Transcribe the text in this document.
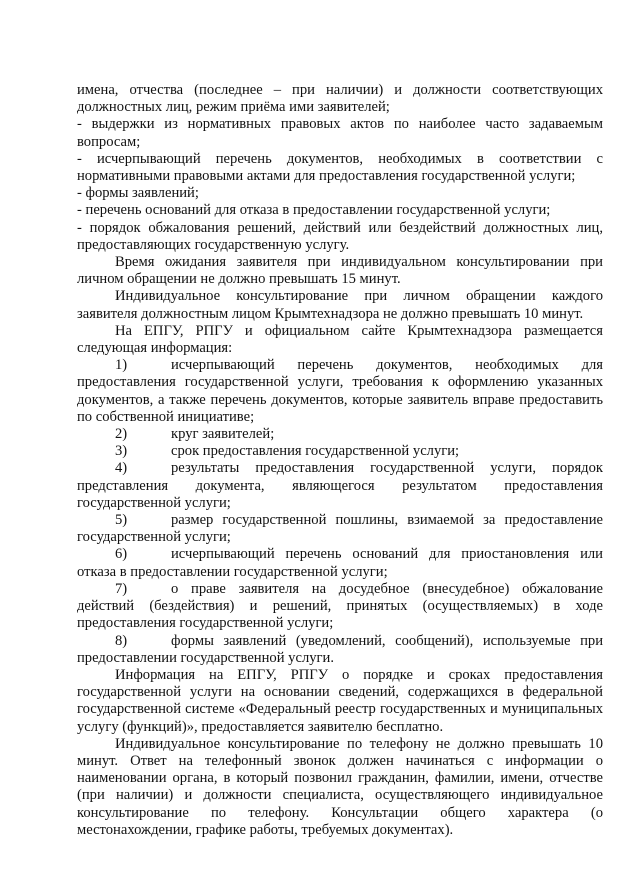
имена, отчества (последнее – при наличии) и должности соответствующих должностных лиц, режим приёма ими заявителей;

- выдержки из нормативных правовых актов по наиболее часто задаваемым вопросам;

- исчерпывающий перечень документов, необходимых в соответствии с нормативными правовыми актами для предоставления государственной услуги;

- формы заявлений;

- перечень оснований для отказа в предоставлении государственной услуги;

- порядок обжалования решений, действий или бездействий должностных лиц, предоставляющих государственную услугу.

Время ожидания заявителя при индивидуальном консультировании при личном обращении не должно превышать 15 минут.

Индивидуальное консультирование при личном обращении каждого заявителя должностным лицом Крымтехнадзора не должно превышать 10 минут.

На ЕПГУ, РПГУ и официальном сайте Крымтехнадзора размещается следующая информация:

1)	исчерпывающий перечень документов, необходимых для предоставления государственной услуги, требования к оформлению указанных документов, а также перечень документов, которые заявитель вправе предоставить по собственной инициативе;

2)	круг заявителей;

3)	срок предоставления государственной услуги;

4)	результаты предоставления государственной услуги, порядок представления документа, являющегося результатом предоставления государственной услуги;

5)	размер государственной пошлины, взимаемой за предоставление государственной услуги;

6)	исчерпывающий перечень оснований для приостановления или отказа в предоставлении государственной услуги;

7)	о праве заявителя на досудебное (внесудебное) обжалование действий (бездействия) и решений, принятых (осуществляемых) в ходе предоставления государственной услуги;

8)	формы заявлений (уведомлений, сообщений), используемые при предоставлении государственной услуги.

Информация на ЕПГУ, РПГУ о порядке и сроках предоставления государственной услуги на основании сведений, содержащихся в федеральной государственной системе «Федеральный реестр государственных и муниципальных услугу (функций)», предоставляется заявителю бесплатно.

Индивидуальное консультирование по телефону не должно превышать 10 минут. Ответ на телефонный звонок должен начинаться с информации о наименовании органа, в который позвонил гражданин, фамилии, имени, отчестве (при наличии) и должности специалиста, осуществляющего индивидуальное консультирование по телефону. Консультации общего характера (о местонахождении, графике работы, требуемых документах).
